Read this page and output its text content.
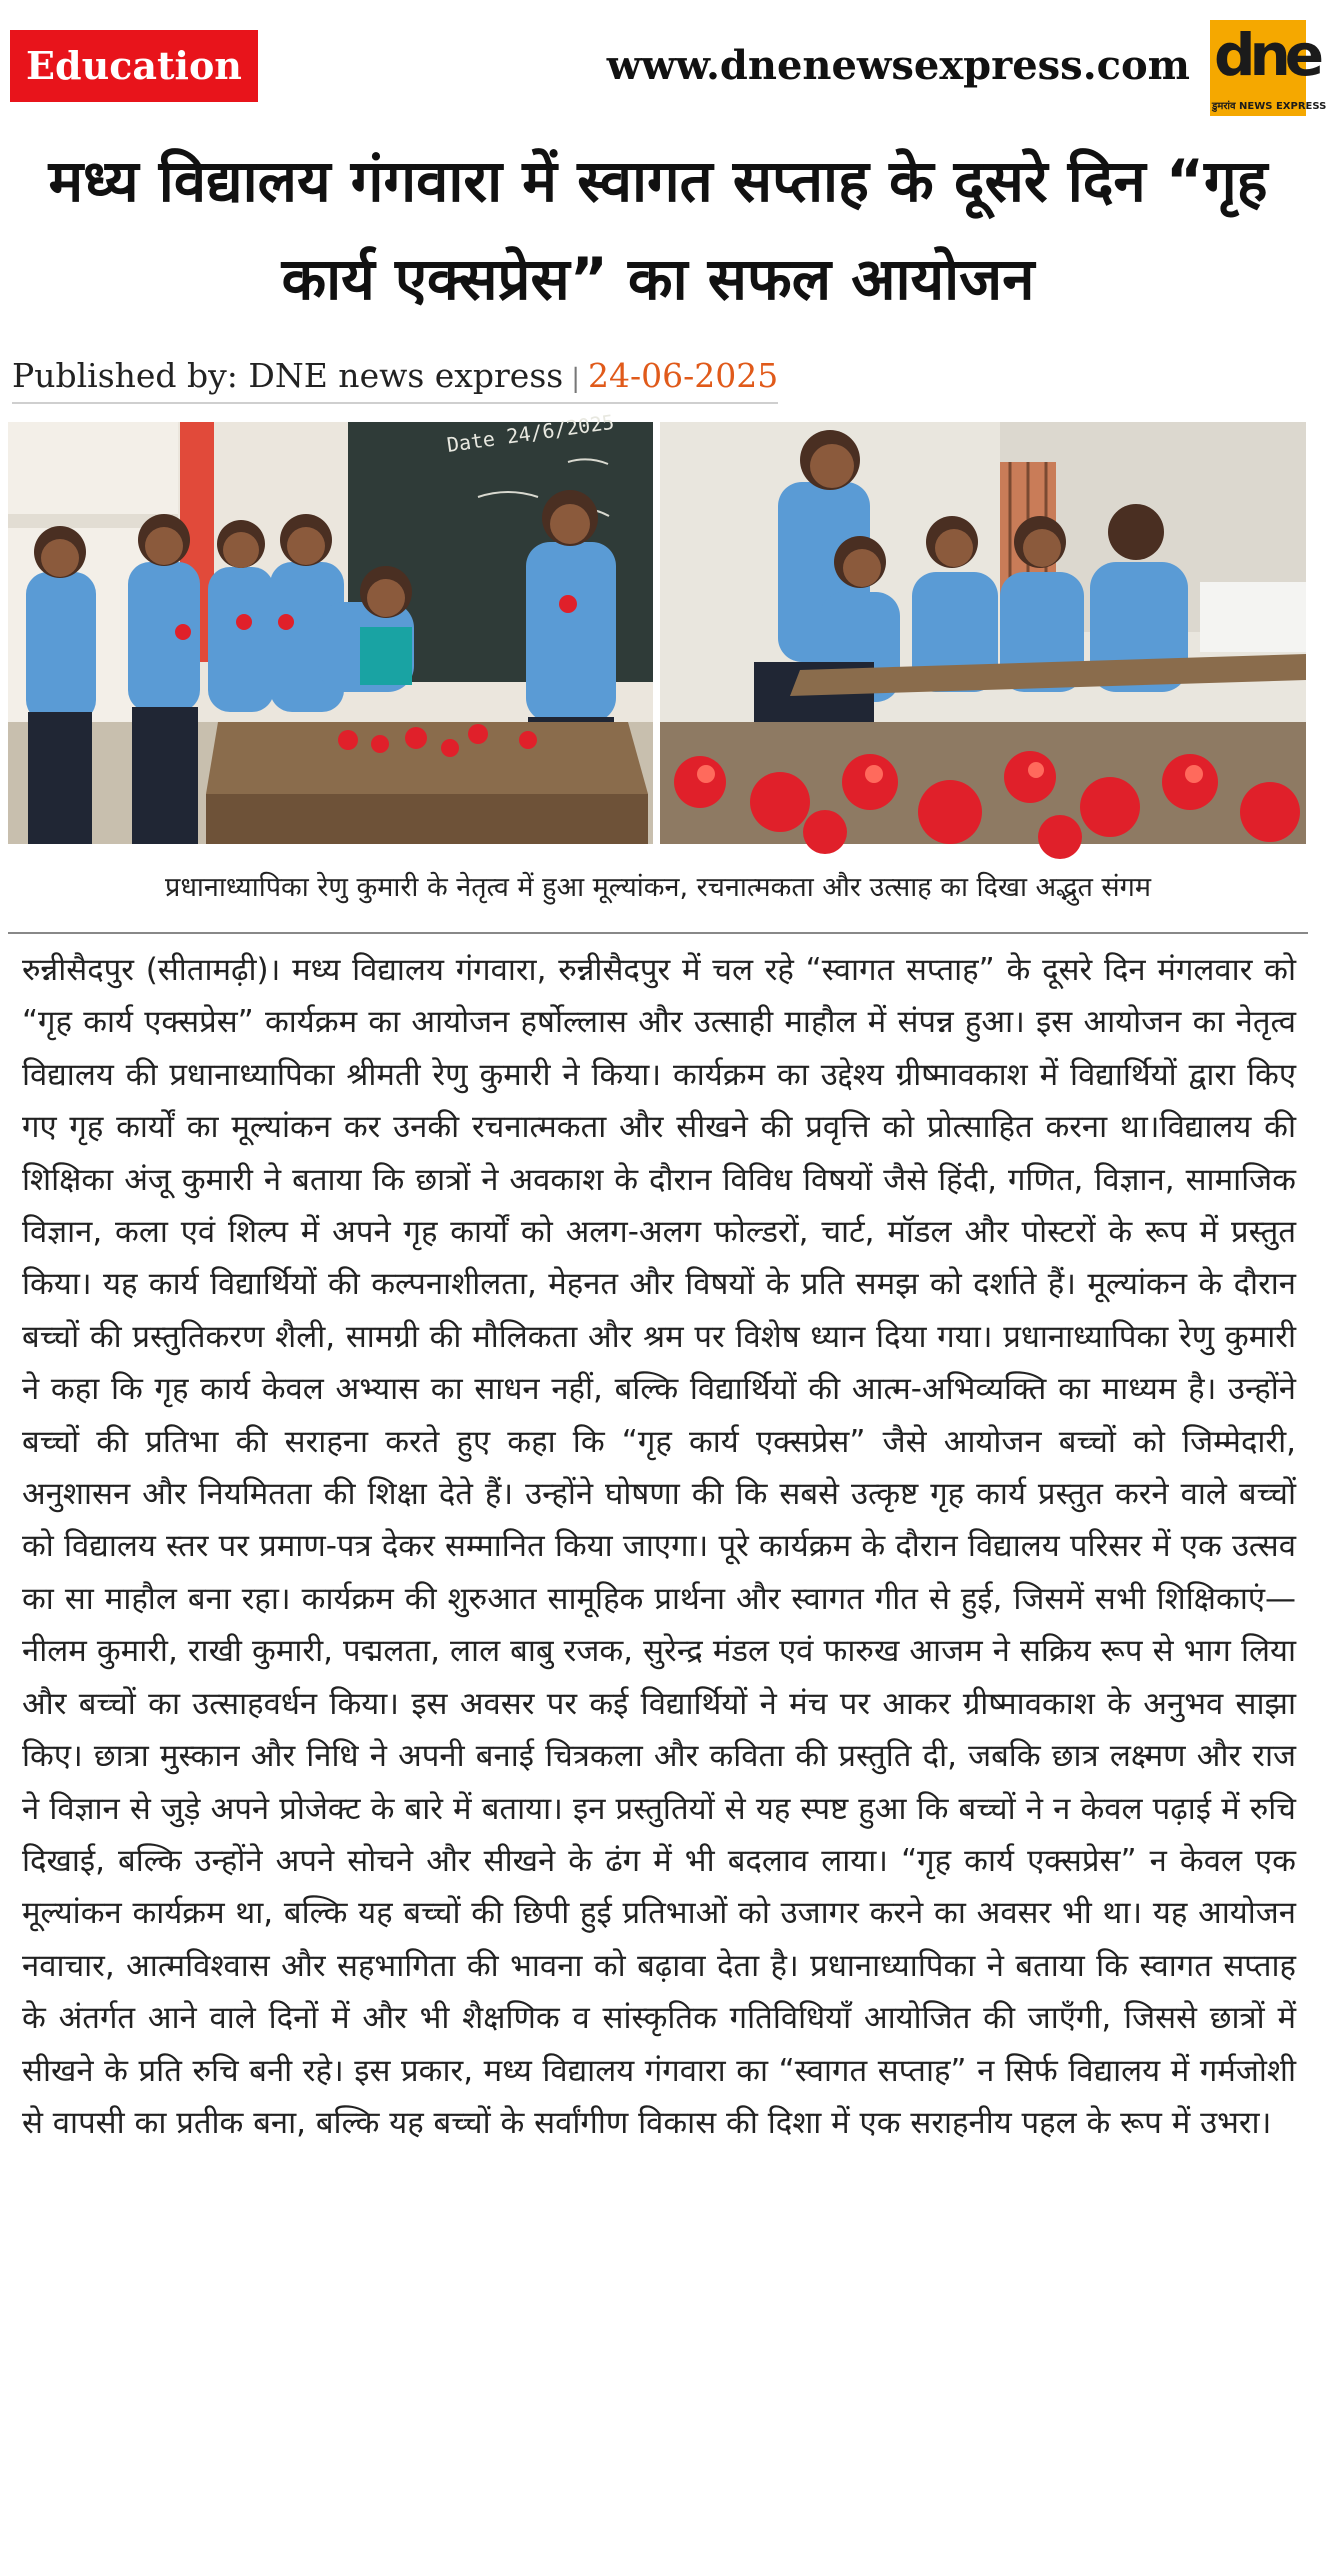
Education	www.dnenewsexpress.com dne
डुमरांव NEWS EXPRESS
मध्य विद्यालय गंगवारा में स्वागत सप्ताह के दूसरे दिन “गृह कार्य एक्सप्रेस” का सफल आयोजन
Published by: DNE news express | 24-06-2025
Date 24/6/2025
प्रधानाध्यापिका रेणु कुमारी के नेतृत्व में हुआ मूल्यांकन, रचनात्मकता और उत्साह का दिखा अद्भुत संगम

रुन्नीसैदपुर (सीतामढ़ी)। मध्य विद्यालय गंगवारा, रुन्नीसैदपुर में चल रहे “स्वागत सप्ताह” के दूसरे दिन मंगलवार को “गृह कार्य एक्सप्रेस” कार्यक्रम का आयोजन हर्षोल्लास और उत्साही माहौल में संपन्न हुआ। इस आयोजन का नेतृत्व विद्यालय की प्रधानाध्यापिका श्रीमती रेणु कुमारी ने किया। कार्यक्रम का उद्देश्य ग्रीष्मावकाश में विद्यार्थियों द्वारा किए गए गृह कार्यों का मूल्यांकन कर उनकी रचनात्मकता और सीखने की प्रवृत्ति को प्रोत्साहित करना था।विद्यालय की शिक्षिका अंजू कुमारी ने बताया कि छात्रों ने अवकाश के दौरान विविध विषयों जैसे हिंदी, गणित, विज्ञान, सामाजिक विज्ञान, कला एवं शिल्प में अपने गृह कार्यों को अलग-अलग फोल्डरों, चार्ट, मॉडल और पोस्टरों के रूप में प्रस्तुत किया। यह कार्य विद्यार्थियों की कल्पनाशीलता, मेहनत और विषयों के प्रति समझ को दर्शाते हैं। मूल्यांकन के दौरान बच्चों की प्रस्तुतिकरण शैली, सामग्री की मौलिकता और श्रम पर विशेष ध्यान दिया गया। प्रधानाध्यापिका रेणु कुमारी ने कहा कि गृह कार्य केवल अभ्यास का साधन नहीं, बल्कि विद्यार्थियों की आत्म-अभिव्यक्ति का माध्यम है। उन्होंने बच्चों की प्रतिभा की सराहना करते हुए कहा कि “गृह कार्य एक्सप्रेस” जैसे आयोजन बच्चों को जिम्मेदारी, अनुशासन और नियमितता की शिक्षा देते हैं। उन्होंने घोषणा की कि सबसे उत्कृष्ट गृह कार्य प्रस्तुत करने वाले बच्चों को विद्यालय स्तर पर प्रमाण-पत्र देकर सम्मानित किया जाएगा। पूरे कार्यक्रम के दौरान विद्यालय परिसर में एक उत्सव का सा माहौल बना रहा। कार्यक्रम की शुरुआत सामूहिक प्रार्थना और स्वागत गीत से हुई, जिसमें सभी शिक्षिकाएं—नीलम कुमारी, राखी कुमारी, पद्मलता, लाल बाबु रजक, सुरेन्द्र मंडल एवं फारुख आजम ने सक्रिय रूप से भाग लिया और बच्चों का उत्साहवर्धन किया। इस अवसर पर कई विद्यार्थियों ने मंच पर आकर ग्रीष्मावकाश के अनुभव साझा किए। छात्रा मुस्कान और निधि ने अपनी बनाई चित्रकला और कविता की प्रस्तुति दी, जबकि छात्र लक्ष्मण और राज ने विज्ञान से जुड़े अपने प्रोजेक्ट के बारे में बताया। इन प्रस्तुतियों से यह स्पष्ट हुआ कि बच्चों ने न केवल पढ़ाई में रुचि दिखाई, बल्कि उन्होंने अपने सोचने और सीखने के ढंग में भी बदलाव लाया। “गृह कार्य एक्सप्रेस” न केवल एक मूल्यांकन कार्यक्रम था, बल्कि यह बच्चों की छिपी हुई प्रतिभाओं को उजागर करने का अवसर भी था। यह आयोजन नवाचार, आत्मविश्वास और सहभागिता की भावना को बढ़ावा देता है। प्रधानाध्यापिका ने बताया कि स्वागत सप्ताह के अंतर्गत आने वाले दिनों में और भी शैक्षणिक व सांस्कृतिक गतिविधियाँ आयोजित की जाएँगी, जिससे छात्रों में सीखने के प्रति रुचि बनी रहे। इस प्रकार, मध्य विद्यालय गंगवारा का “स्वागत सप्ताह” न सिर्फ विद्यालय में गर्मजोशी से वापसी का प्रतीक बना, बल्कि यह बच्चों के सर्वांगीण विकास की दिशा में एक सराहनीय पहल के रूप में उभरा।
